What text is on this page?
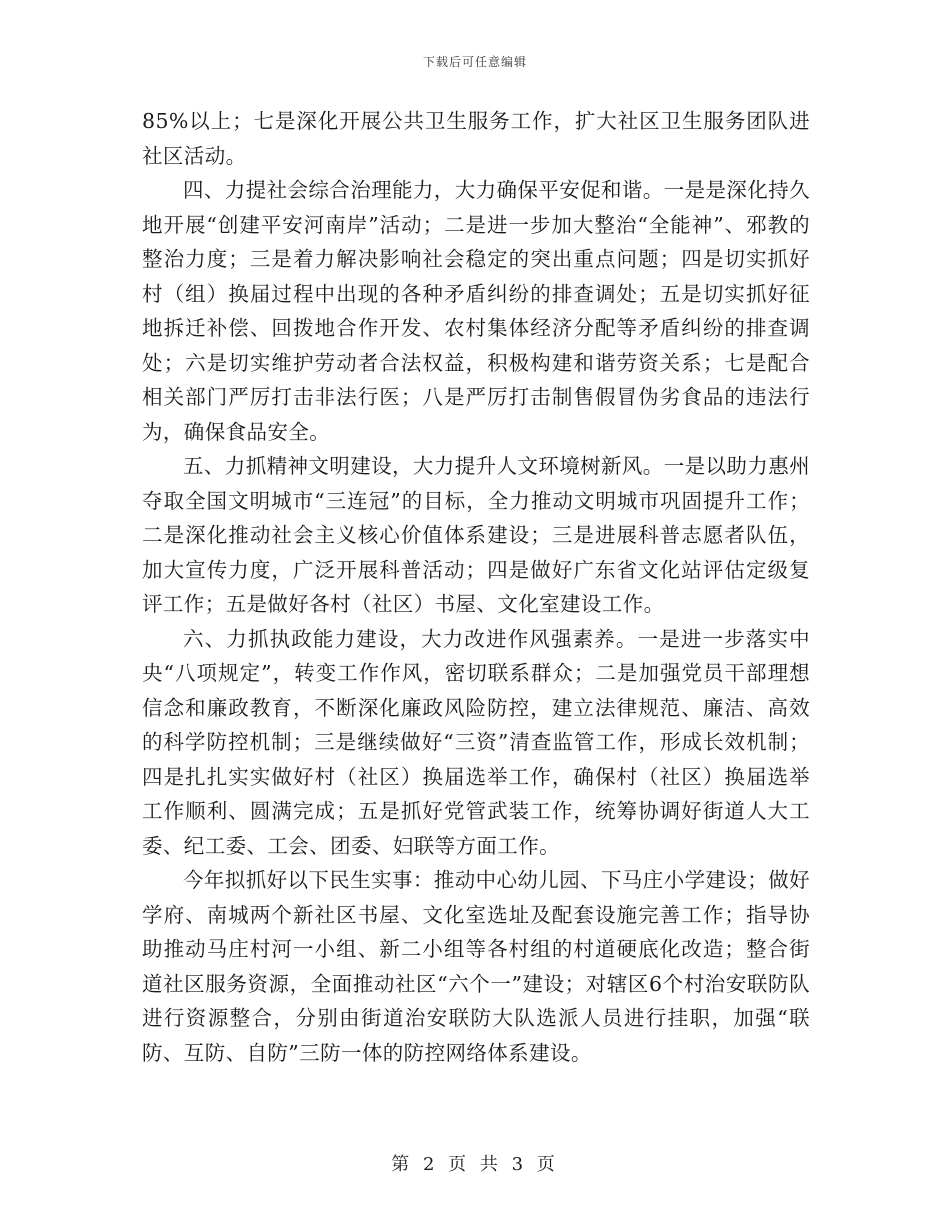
下载后可任意编辑

85%以上；七是深化开展公共卫生服务工作，扩大社区卫生服务团队进社区活动。

四、力提社会综合治理能力，大力确保平安促和谐。一是是深化持久地开展“创建平安河南岸”活动；二是进一步加大整治“全能神”、邪教的整治力度；三是着力解决影响社会稳定的突出重点问题；四是切实抓好村（组）换届过程中出现的各种矛盾纠纷的排查调处；五是切实抓好征地拆迁补偿、回拨地合作开发、农村集体经济分配等矛盾纠纷的排查调处；六是切实维护劳动者合法权益，积极构建和谐劳资关系；七是配合相关部门严厉打击非法行医；八是严厉打击制售假冒伪劣食品的违法行为，确保食品安全。

五、力抓精神文明建设，大力提升人文环境树新风。一是以助力惠州夺取全国文明城市“三连冠”的目标，全力推动文明城市巩固提升工作；二是深化推动社会主义核心价值体系建设；三是进展科普志愿者队伍，加大宣传力度，广泛开展科普活动；四是做好广东省文化站评估定级复评工作；五是做好各村（社区）书屋、文化室建设工作。

六、力抓执政能力建设，大力改进作风强素养。一是进一步落实中央“八项规定”，转变工作作风，密切联系群众；二是加强党员干部理想信念和廉政教育，不断深化廉政风险防控，建立法律规范、廉洁、高效的科学防控机制；三是继续做好“三资”清查监管工作，形成长效机制；四是扎扎实实做好村（社区）换届选举工作，确保村（社区）换届选举工作顺利、圆满完成；五是抓好党管武装工作，统筹协调好街道人大工委、纪工委、工会、团委、妇联等方面工作。

今年拟抓好以下民生实事：推动中心幼儿园、下马庄小学建设；做好学府、南城两个新社区书屋、文化室选址及配套设施完善工作；指导协助推动马庄村河一小组、新二小组等各村组的村道硬底化改造；整合街道社区服务资源，全面推动社区“六个一”建设；对辖区6个村治安联防队进行资源整合，分别由街道治安联防大队选派人员进行挂职，加强“联防、互防、自防”三防一体的防控网络体系建设。

第 2 页 共 3 页
